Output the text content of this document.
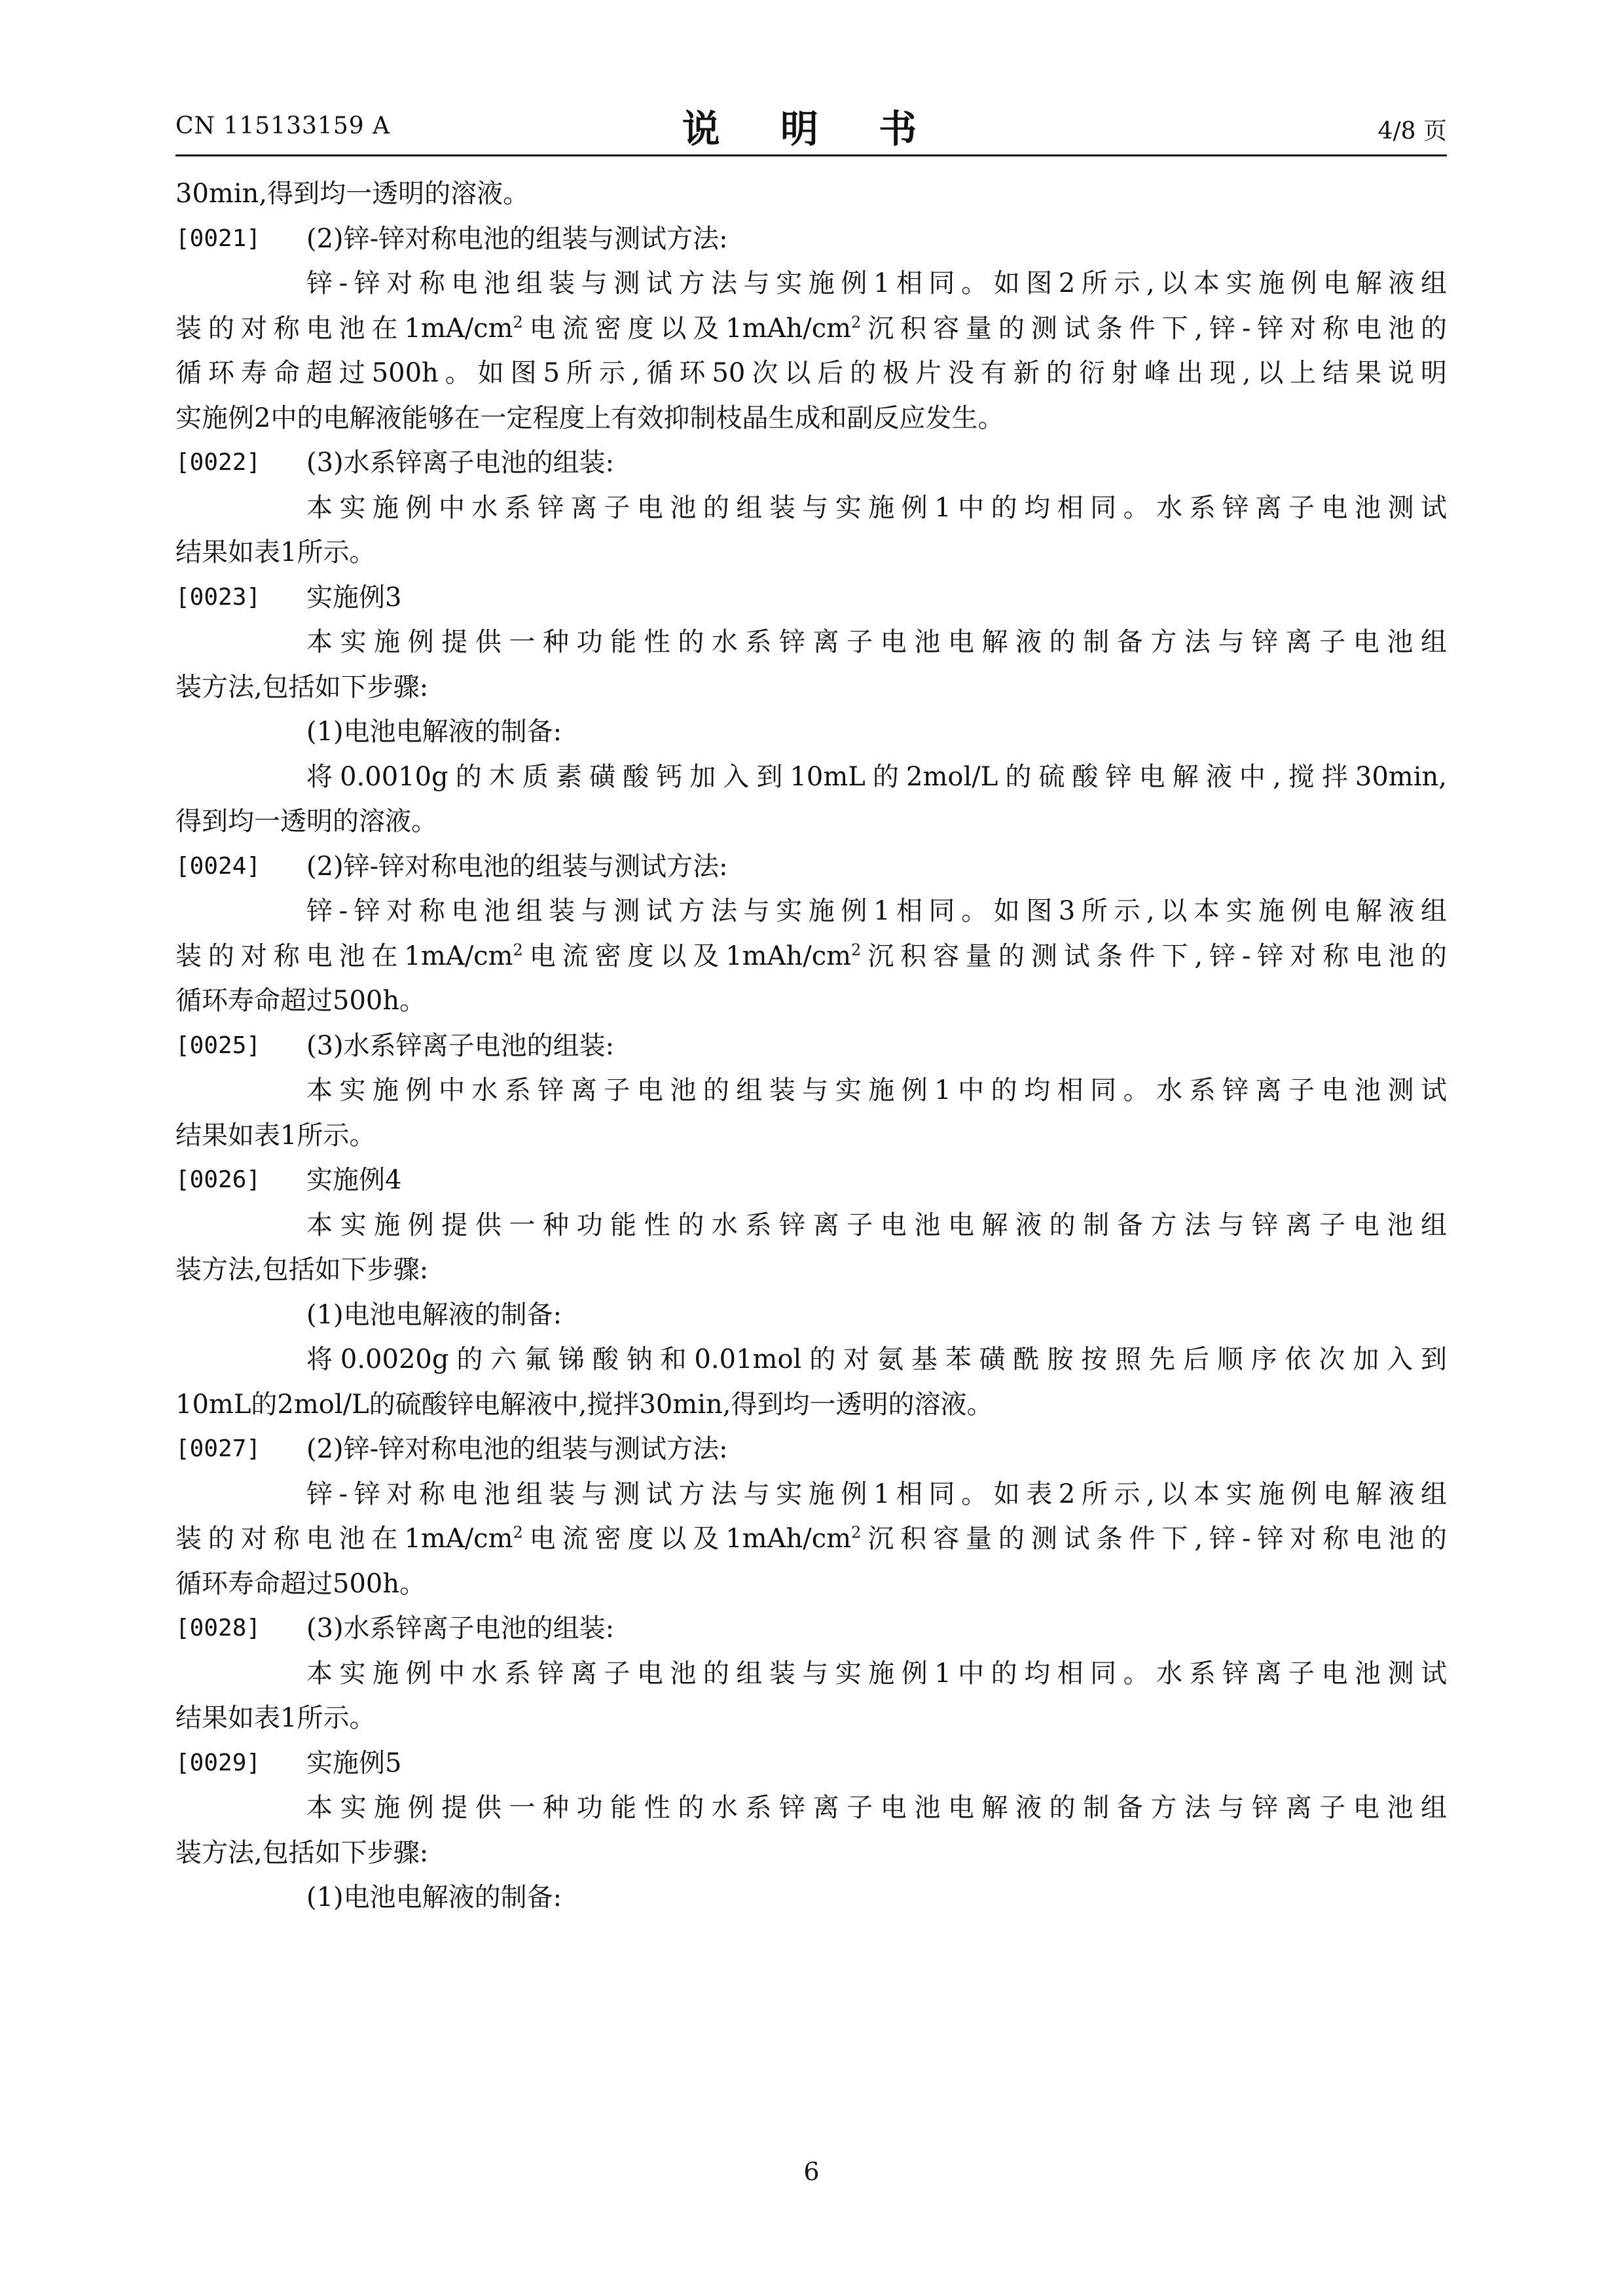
CN 115133159 A	说 明 书	4/8 页
30min,得到均一透明的溶液。
[0021] (2)锌-锌对称电池的组装与测试方法:
锌-锌对称电池组装与测试方法与实施例1相同。如图2所示,以本实施例电解液组
装的对称电池在$1mA/cm^2$电流密度以及$1mAh/cm^2$沉积容量的测试条件下,锌-锌对称电池的
循环寿命超过500h。如图5所示,循环50次以后的极片没有新的衍射峰出现,以上结果说明
实施例2中的电解液能够在一定程度上有效抑制枝晶生成和副反应发生。
[0022] (3)水系锌离子电池的组装:
本实施例中水系锌离子电池的组装与实施例1中的均相同。水系锌离子电池测试
结果如表1所示。
[0023] 实施例3
本实施例提供一种功能性的水系锌离子电池电解液的制备方法与锌离子电池组
装方法,包括如下步骤:
(1)电池电解液的制备:
将0.0010g的木质素磺酸钙加入到10mL的2mol/L的硫酸锌电解液中,搅拌30min,
得到均一透明的溶液。
[0024] (2)锌-锌对称电池的组装与测试方法:
锌-锌对称电池组装与测试方法与实施例1相同。如图3所示,以本实施例电解液组
装的对称电池在$1mA/cm^2$电流密度以及$1mAh/cm^2$沉积容量的测试条件下,锌-锌对称电池的
循环寿命超过500h。
[0025] (3)水系锌离子电池的组装:
本实施例中水系锌离子电池的组装与实施例1中的均相同。水系锌离子电池测试
结果如表1所示。
[0026] 实施例4
本实施例提供一种功能性的水系锌离子电池电解液的制备方法与锌离子电池组
装方法,包括如下步骤:
(1)电池电解液的制备:
将0.0020g的六氟锑酸钠和0.01mol的对氨基苯磺酰胺按照先后顺序依次加入到
10mL的2mol/L的硫酸锌电解液中,搅拌30min,得到均一透明的溶液。
[0027] (2)锌-锌对称电池的组装与测试方法:
锌-锌对称电池组装与测试方法与实施例1相同。如表2所示,以本实施例电解液组
装的对称电池在$1mA/cm^2$电流密度以及$1mAh/cm^2$沉积容量的测试条件下,锌-锌对称电池的
循环寿命超过500h。
[0028] (3)水系锌离子电池的组装:
本实施例中水系锌离子电池的组装与实施例1中的均相同。水系锌离子电池测试
结果如表1所示。
[0029] 实施例5
本实施例提供一种功能性的水系锌离子电池电解液的制备方法与锌离子电池组
装方法,包括如下步骤:
(1)电池电解液的制备:
6
